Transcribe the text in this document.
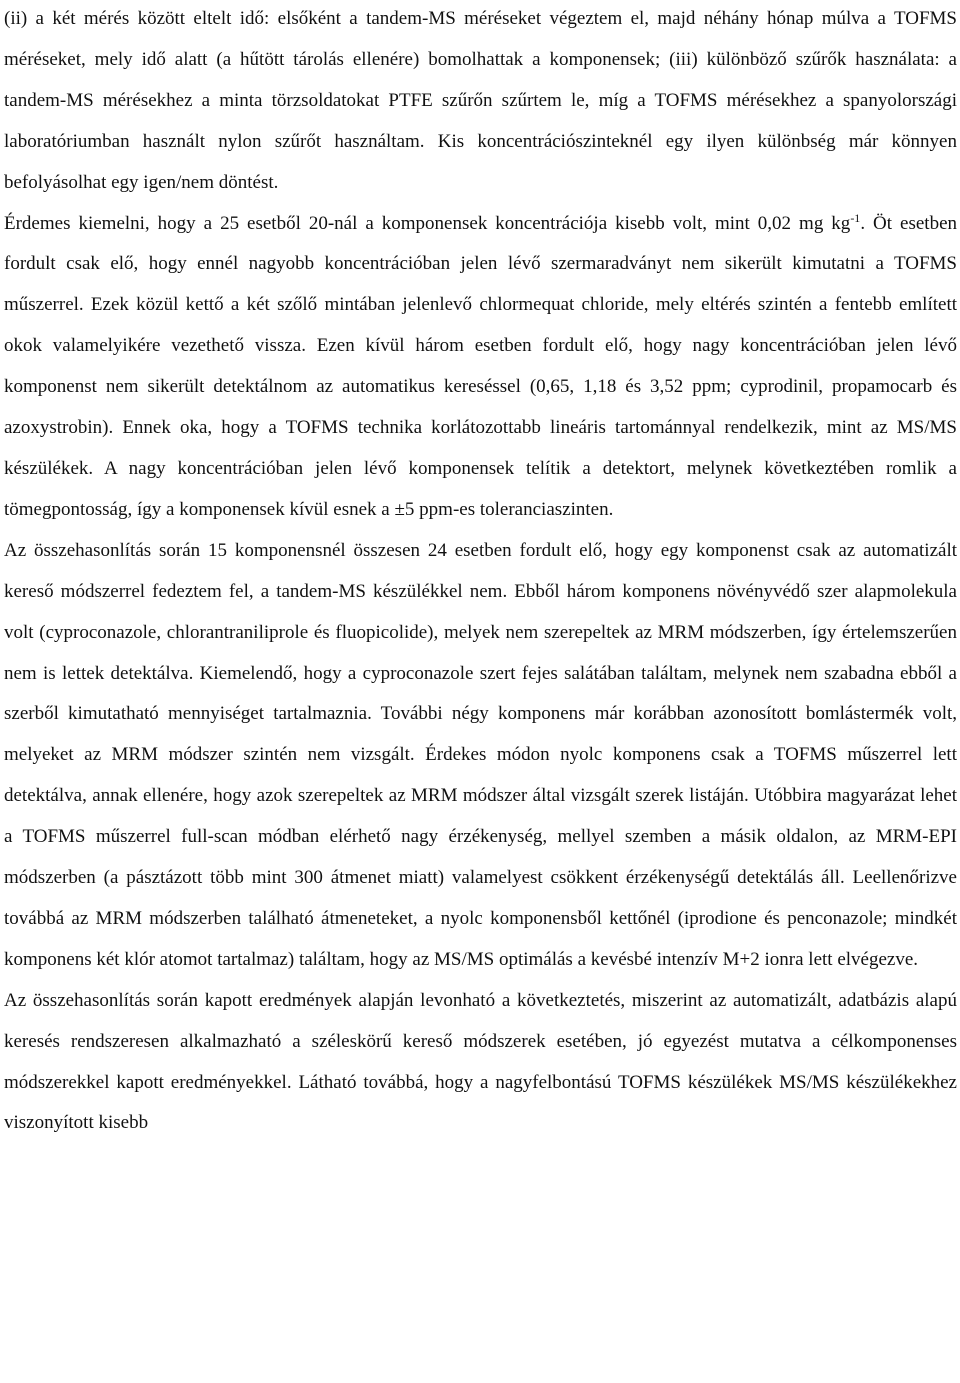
(ii) a két mérés között eltelt idő: elsőként a tandem-MS méréseket végeztem el, majd néhány hónap múlva a TOFMS méréseket, mely idő alatt (a hűtött tárolás ellenére) bomolhattak a komponensek; (iii) különböző szűrők használata: a tandem-MS mérésekhez a minta törzsoldatokat PTFE szűrőn szűrtem le, míg a TOFMS mérésekhez a spanyolországi laboratóriumban használt nylon szűrőt használtam. Kis koncentrációszinteknél egy ilyen különbség már könnyen befolyásolhat egy igen/nem döntést.

Érdemes kiemelni, hogy a 25 esetből 20-nál a komponensek koncentrációja kisebb volt, mint 0,02 mg $kg^{-1}$. Öt esetben fordult csak elő, hogy ennél nagyobb koncentrációban jelen lévő szermaradványt nem sikerült kimutatni a TOFMS műszerrel. Ezek közül kettő a két szőlő mintában jelenlevő chlormequat chloride, mely eltérés szintén a fentebb említett okok valamelyikére vezethető vissza. Ezen kívül három esetben fordult elő, hogy nagy koncentrációban jelen lévő komponenst nem sikerült detektálnom az automatikus kereséssel (0,65, 1,18 és 3,52 ppm; cyprodinil, propamocarb és azoxystrobin). Ennek oka, hogy a TOFMS technika korlátozottabb lineáris tartománnyal rendelkezik, mint az MS/MS készülékek. A nagy koncentrációban jelen lévő komponensek telítik a detektort, melynek következtében romlik a tömegpontosság, így a komponensek kívül esnek a ±5 ppm-es toleranciaszinten.

Az összehasonlítás során 15 komponensnél összesen 24 esetben fordult elő, hogy egy komponenst csak az automatizált kereső módszerrel fedeztem fel, a tandem-MS készülékkel nem. Ebből három komponens növényvédő szer alapmolekula volt (cyproconazole, chlorantraniliprole és fluopicolide), melyek nem szerepeltek az MRM módszerben, így értelemszerűen nem is lettek detektálva. Kiemelendő, hogy a cyproconazole szert fejes salátában találtam, melynek nem szabadna ebből a szerből kimutatható mennyiséget tartalmaznia. További négy komponens már korábban azonosított bomlástermék volt, melyeket az MRM módszer szintén nem vizsgált. Érdekes módon nyolc komponens csak a TOFMS műszerrel lett detektálva, annak ellenére, hogy azok szerepeltek az MRM módszer által vizsgált szerek listáján. Utóbbira magyarázat lehet a TOFMS műszerrel full-scan módban elérhető nagy érzékenység, mellyel szemben a másik oldalon, az MRM-EPI módszerben (a pásztázott több mint 300 átmenet miatt) valamelyest csökkent érzékenységű detektálás áll. Leellenőrizve továbbá az MRM módszerben található átmeneteket, a nyolc komponensből kettőnél (iprodione és penconazole; mindkét komponens két klór atomot tartalmaz) találtam, hogy az MS/MS optimálás a kevésbé intenzív M+2 ionra lett elvégezve.

Az összehasonlítás során kapott eredmények alapján levonható a következtetés, miszerint az automatizált, adatbázis alapú keresés rendszeresen alkalmazható a széleskörű kereső módszerek esetében, jó egyezést mutatva a célkomponenses módszerekkel kapott eredményekkel. Látható továbbá, hogy a nagyfelbontású TOFMS készülékek MS/MS készülékekhez viszonyított kisebb
